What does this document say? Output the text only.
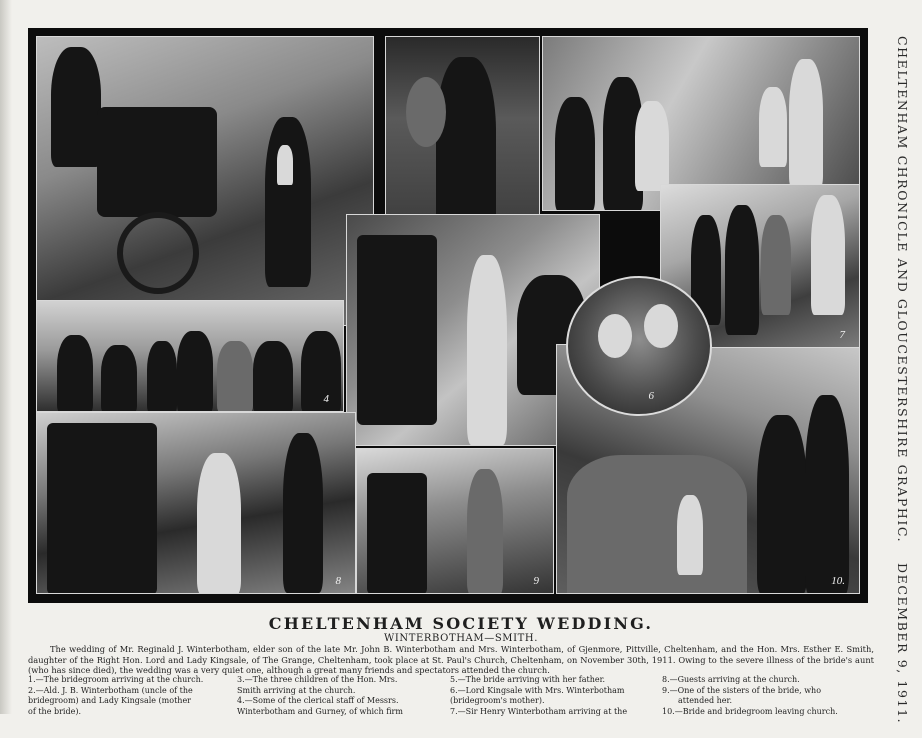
4
7
6
8	9	10.
CHELTENHAM CHRONICLE AND GLOUCESTERSHIRE GRAPHIC. DECEMBER 9, 1911.
CHELTENHAM SOCIETY WEDDING.
WINTERBOTHAM—SMITH.
The wedding of Mr. Reginald J. Winterbotham, elder son of the late Mr. John B. Winterbotham and Mrs. Winterbotham, of Gjenmore, Pittville, Cheltenham, and the Hon. Mrs. Esther E. Smith, daughter of the Right Hon. Lord and Lady Kingsale, of The Grange, Cheltenham, took place at St. Paul's Church, Cheltenham, on November 30th, 1911. Owing to the severe illness of the bride's aunt (who has since died), the wedding was a very quiet one, although a great many friends and spectators attended the church.
1.—The bridegroom arriving at the church.
2.—Ald. J. B. Winterbotham (uncle of the
bridegroom) and Lady Kingsale (mother
of the bride).
3.—The three children of the Hon. Mrs.
Smith arriving at the church.
4.—Some of the clerical staff of Messrs.
Winterbotham and Gurney, of which firm
5.—The bride arriving with her father.
6.—Lord Kingsale with Mrs. Winterbotham
(bridegroom's mother).
7.—Sir Henry Winterbotham arriving at the
8.—Guests arriving at the church.
9.—One of the sisters of the bride, who
attended her.
10.—Bride and bridegroom leaving church.
